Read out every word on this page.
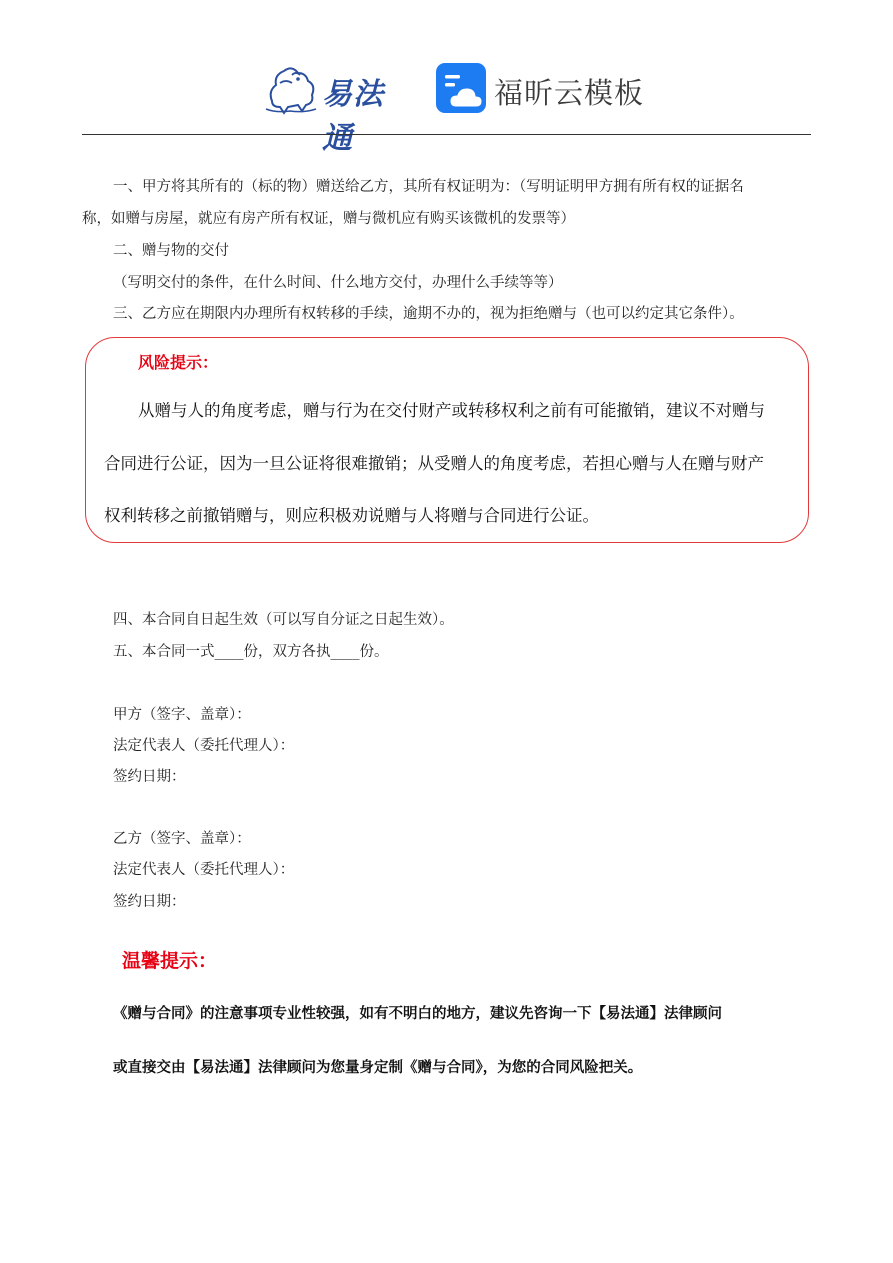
易法通
福昕云模板
一、甲方将其所有的（标的物）赠送给乙方，其所有权证明为：（写明证明甲方拥有所有权的证据名
称，如赠与房屋，就应有房产所有权证，赠与微机应有购买该微机的发票等）
二、赠与物的交付
（写明交付的条件，在什么时间、什么地方交付，办理什么手续等等）
三、乙方应在期限内办理所有权转移的手续，逾期不办的，视为拒绝赠与（也可以约定其它条件）。
风险提示：
从赠与人的角度考虑，赠与行为在交付财产或转移权利之前有可能撤销，建议不对赠与
合同进行公证，因为一旦公证将很难撤销；从受赠人的角度考虑，若担心赠与人在赠与财产
权利转移之前撤销赠与，则应积极劝说赠与人将赠与合同进行公证。
四、本合同自日起生效（可以写自分证之日起生效）。
五、本合同一式____份，双方各执____份。
甲方（签字、盖章）：
法定代表人（委托代理人）：
签约日期：
乙方（签字、盖章）：
法定代表人（委托代理人）：
签约日期：
温馨提示：
《赠与合同》的注意事项专业性较强，如有不明白的地方，建议先咨询一下【易法通】法律顾问
或直接交由【易法通】法律顾问为您量身定制《赠与合同》，为您的合同风险把关。
